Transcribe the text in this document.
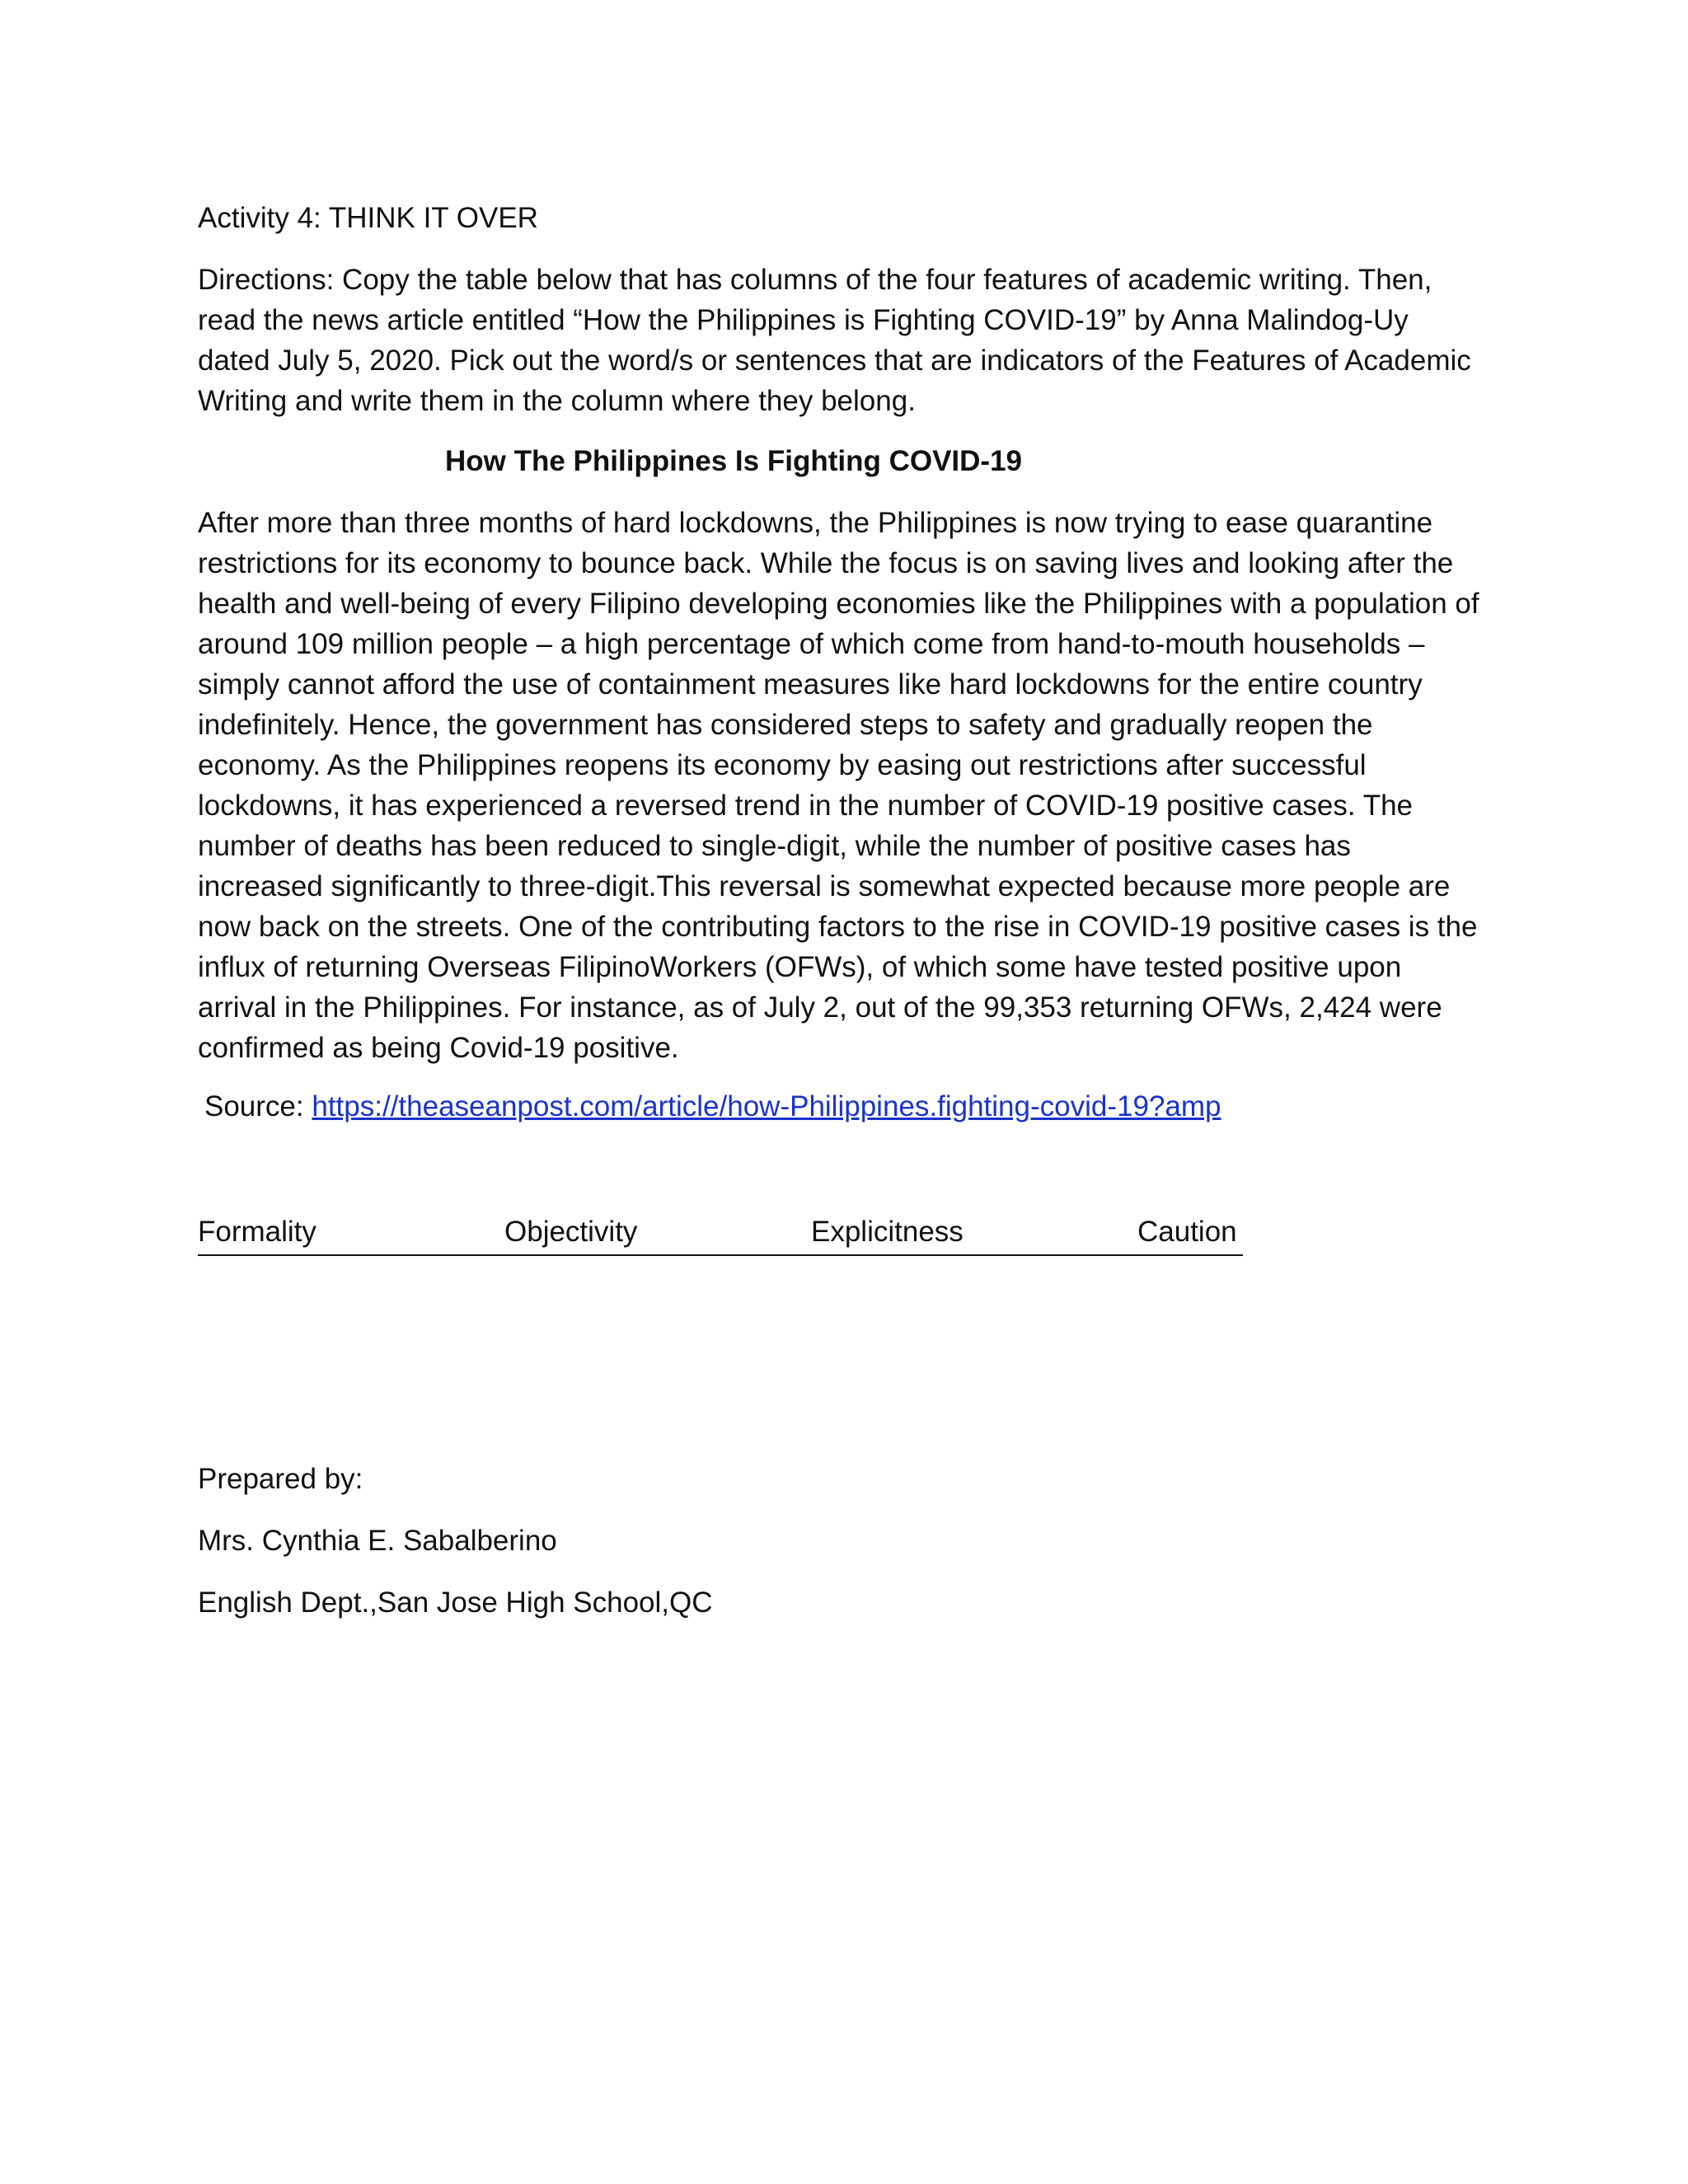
Activity 4: THINK IT OVER

Directions: Copy the table below that has columns of the four features of academic writing. Then, read the news article entitled “How the Philippines is Fighting COVID-19” by Anna Malindog-Uy dated July 5, 2020. Pick out the word/s or sentences that are indicators of the Features of Academic Writing and write them in the column where they belong.

How The Philippines Is Fighting COVID-19

After more than three months of hard lockdowns, the Philippines is now trying to ease quarantine restrictions for its economy to bounce back. While the focus is on saving lives and looking after the health and well-being of every Filipino developing economies like the Philippines with a population of around 109 million people – a high percentage of which come from hand-to-mouth households – simply cannot afford the use of containment measures like hard lockdowns for the entire country indefinitely. Hence, the government has considered steps to safety and gradually reopen the economy. As the Philippines reopens its economy by easing out restrictions after successful lockdowns, it has experienced a reversed trend in the number of COVID-19 positive cases. The number of deaths has been reduced to single-digit, while the number of positive cases has increased significantly to three-digit.This reversal is somewhat expected because more people are now back on the streets. One of the contributing factors to the rise in COVID-19 positive cases is the influx of returning Overseas FilipinoWorkers (OFWs), of which some have tested positive upon arrival in the Philippines. For instance, as of July 2, out of the 99,353 returning OFWs, 2,424 were confirmed as being Covid-19 positive.

Source: https://theaseanpost.com/article/how-Philippines.fighting-covid-19?amp

Formality	Objectivity	Explicitness	Caution

Prepared by:

Mrs. Cynthia E. Sabalberino

English Dept.,San Jose High School,QC
